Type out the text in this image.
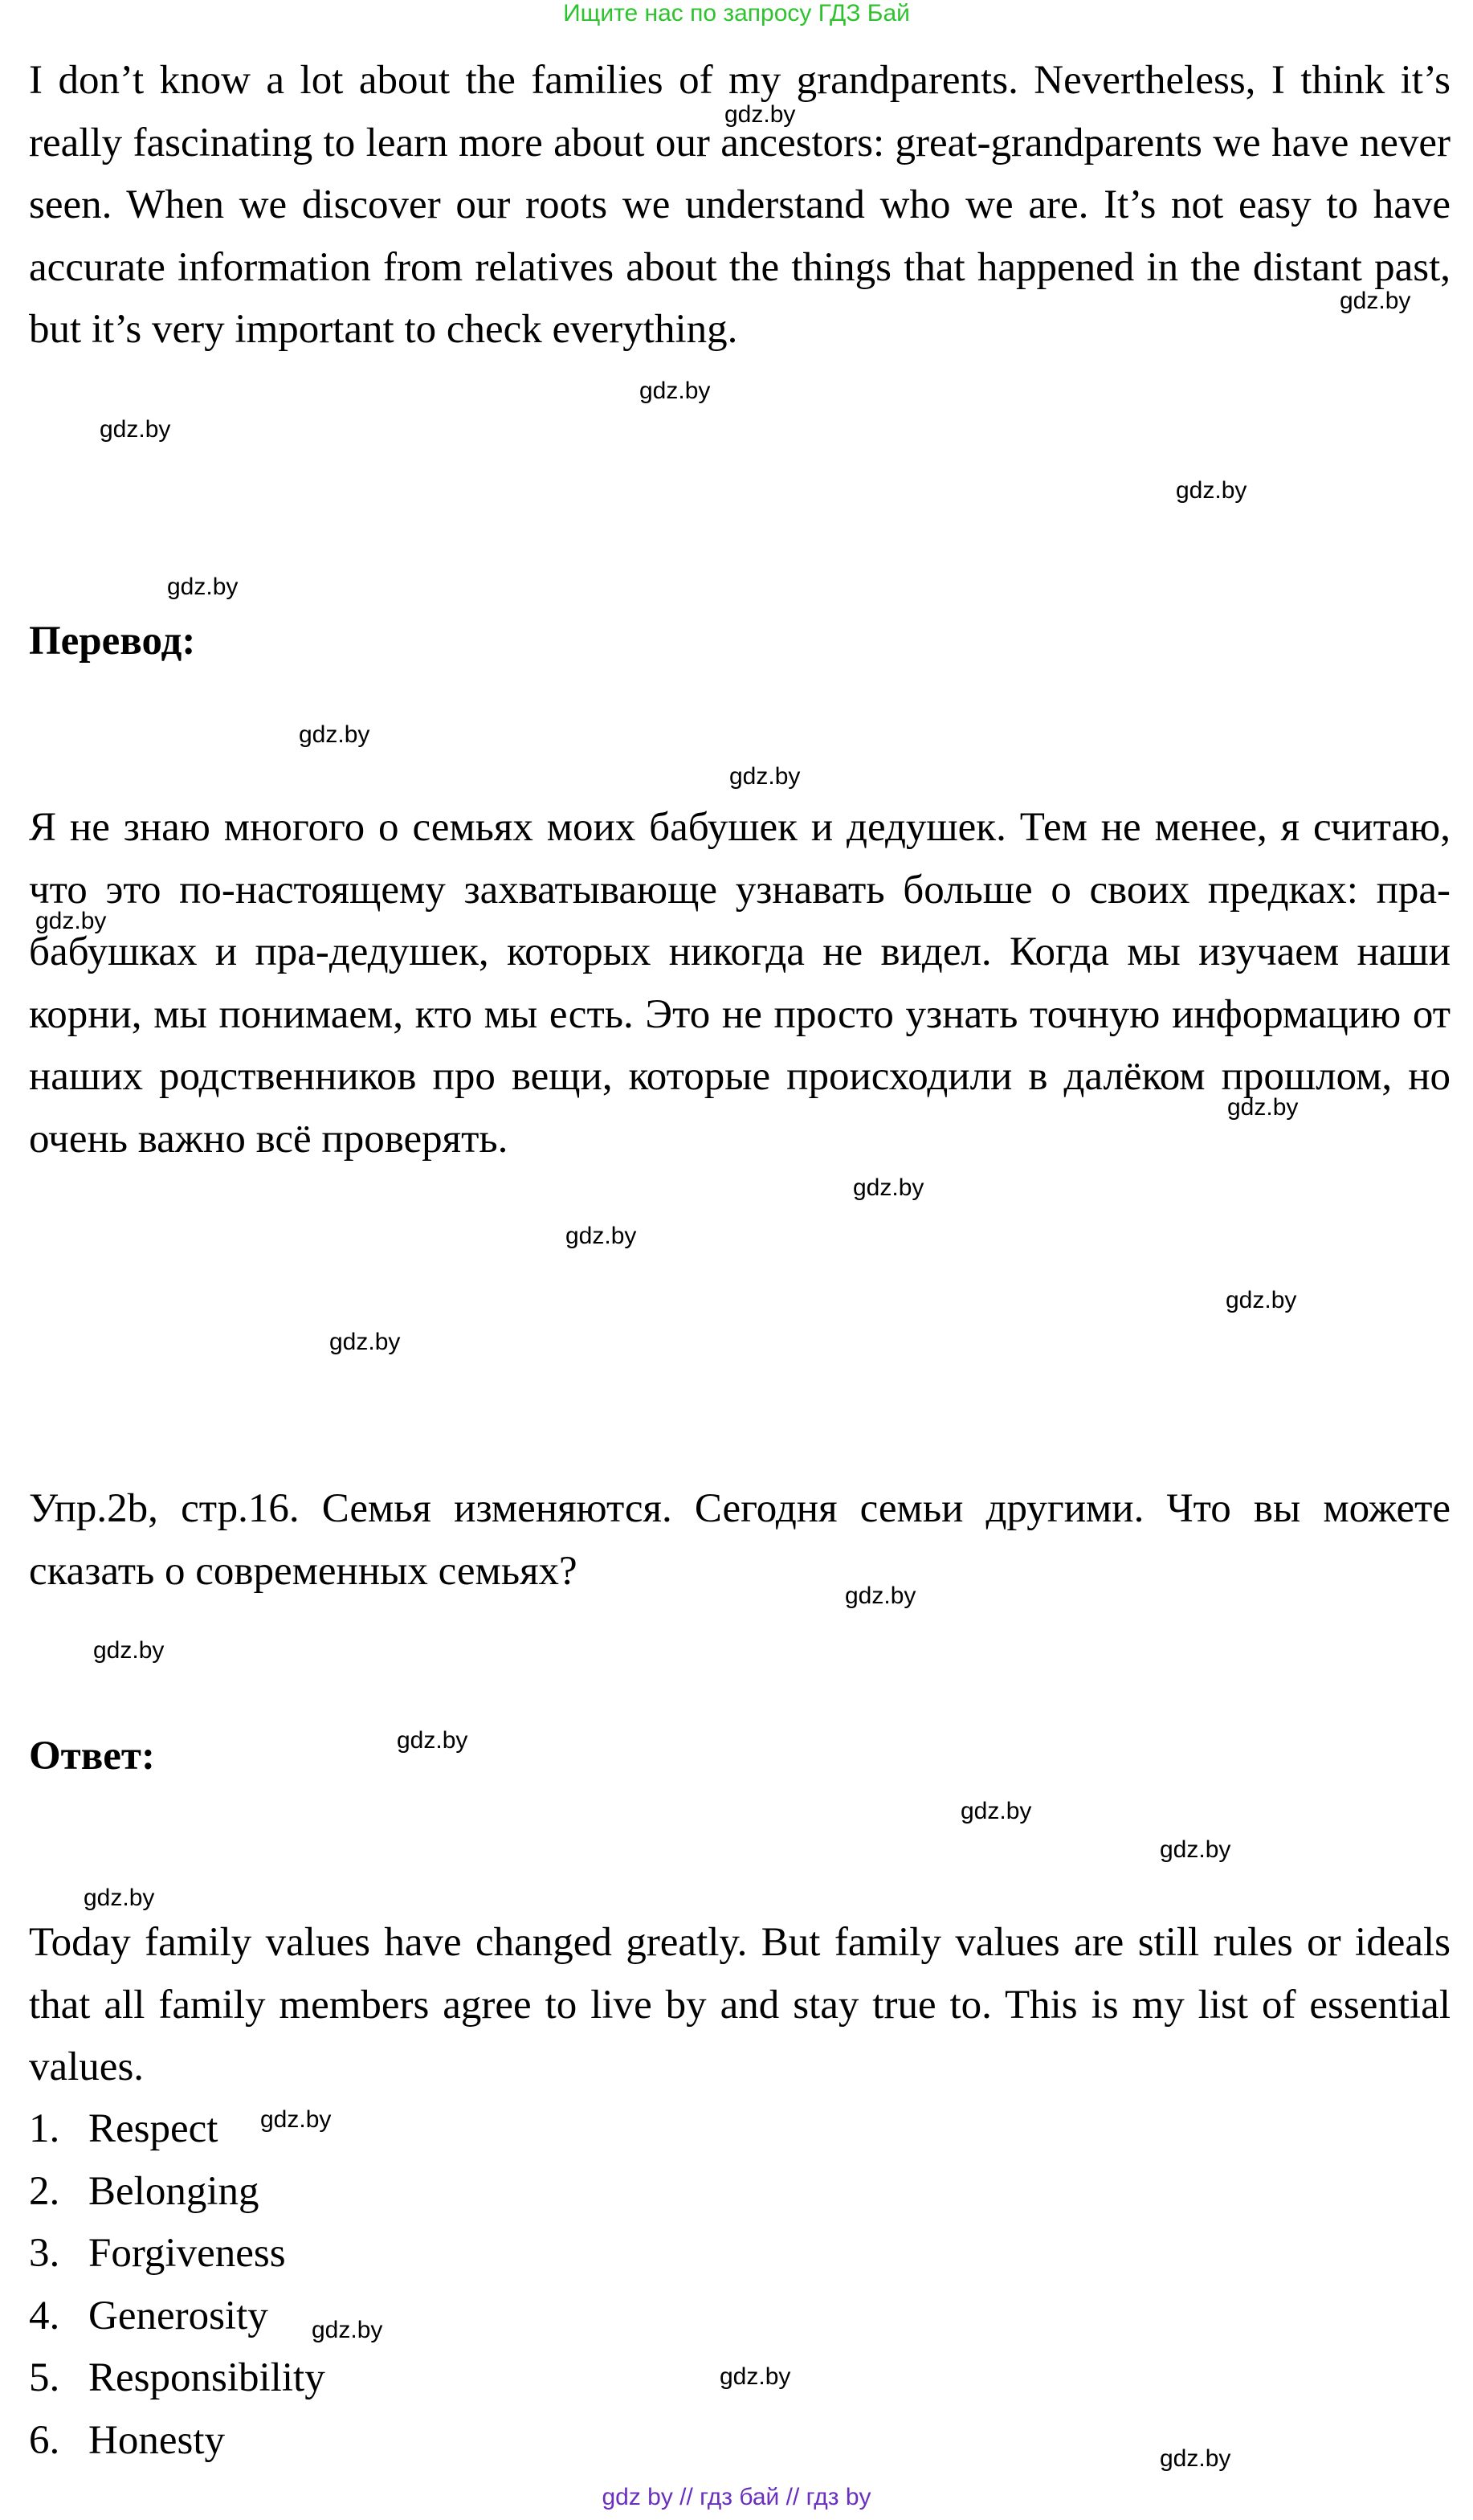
Ищите нас по запросу ГДЗ Бай

I don’t know a lot about the families of my grandparents. Nevertheless, I think it’s really fascinating to learn more about our ancestors: great-grandparents we have never seen. When we discover our roots we understand who we are. It’s not easy to have accurate information from relatives about the things that happened in the distant past, but it’s very important to check everything.

Перевод:

Я не знаю многого о семьях моих бабушек и дедушек. Тем не менее, я считаю, что это по-настоящему захватывающе узнавать больше о своих предках: пра-бабушках и пра-дедушек, которых никогда не видел. Когда мы изучаем наши корни, мы понимаем, кто мы есть. Это не просто узнать точную информацию от наших родственников про вещи, которые происходили в далёком прошлом, но очень важно всё проверять.

Упр.2b, стр.16. Семья изменяются. Сегодня семьи другими. Что вы можете сказать о современных семьях?

Ответ:

Today family values have changed greatly. But family values are still rules or ideals that all family members agree to live by and stay true to. This is my list of essential values.

1. Respect
2. Belonging
3. Forgiveness
4. Generosity
5. Responsibility
6. Honesty
gdz.by
gdz.by
gdz.by
gdz.by
gdz.by
gdz.by
gdz.by
gdz.by
gdz.by
gdz.by
gdz.by
gdz.by
gdz.by
gdz.by
gdz.by
gdz.by
gdz.by
gdz.by
gdz.by
gdz.by
gdz.by
gdz.by
gdz.by
gdz.by
gdz by // гдз бай // гдз by
